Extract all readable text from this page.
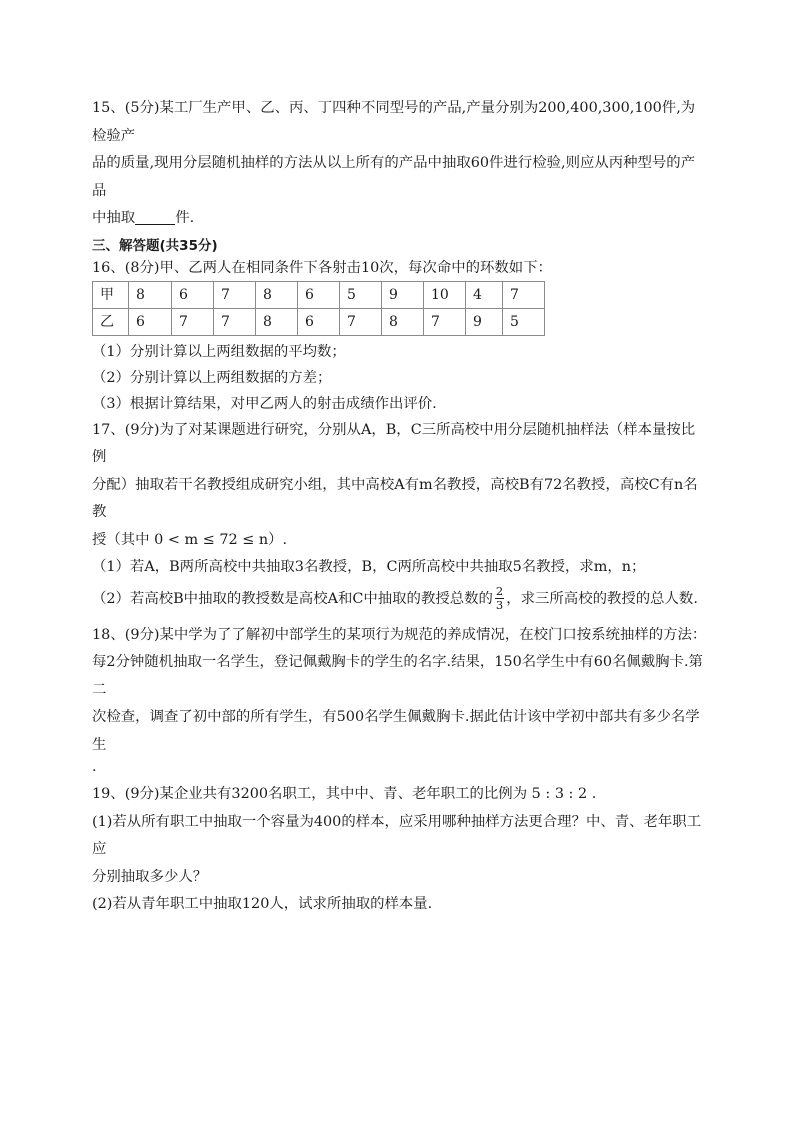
15、(5分)某工厂生产甲、乙、丙、丁四种不同型号的产品,产量分别为200,400,300,100件,为检验产

品的质量,现用分层随机抽样的方法从以上所有的产品中抽取60件进行检验,则应从丙种型号的产品

中抽取	件.

三、解答题(共35分)

16、(8分)甲、乙两人在相同条件下各射击10次，每次命中的环数如下：

甲	8	6	7	8	6	5	9	10	4	7
乙	6	7	7	8	6	7	8	7	9	5

（1）分别计算以上两组数据的平均数；

（2）分别计算以上两组数据的方差；

（3）根据计算结果，对甲乙两人的射击成绩作出评价.

17、(9分)为了对某课题进行研究，分别从A，B，C三所高校中用分层随机抽样法（样本量按比例

分配）抽取若干名教授组成研究小组，其中高校A有m名教授，高校B有72名教授，高校C有n名教

授（其中 0 < m ≤ 72 ≤ n）.

（1）若A，B两所高校中共抽取3名教授，B，C两所高校中共抽取5名教授，求m，n；

（2）若高校B中抽取的教授数是高校A和C中抽取的教授总数的 $\frac{2}{3}$ ，求三所高校的教授的总人数.

18、(9分)某中学为了了解初中部学生的某项行为规范的养成情况，在校门口按系统抽样的方法：

每2分钟随机抽取一名学生，登记佩戴胸卡的学生的名字.结果，150名学生中有60名佩戴胸卡.第二

次检查，调查了初中部的所有学生，有500名学生佩戴胸卡.据此估计该中学初中部共有多少名学生

.

19、(9分)某企业共有3200名职工，其中中、青、老年职工的比例为 5 : 3 : 2 .

(1)若从所有职工中抽取一个容量为400的样本，应采用哪种抽样方法更合理？中、青、老年职工应

分别抽取多少人？

(2)若从青年职工中抽取120人，试求所抽取的样本量.
